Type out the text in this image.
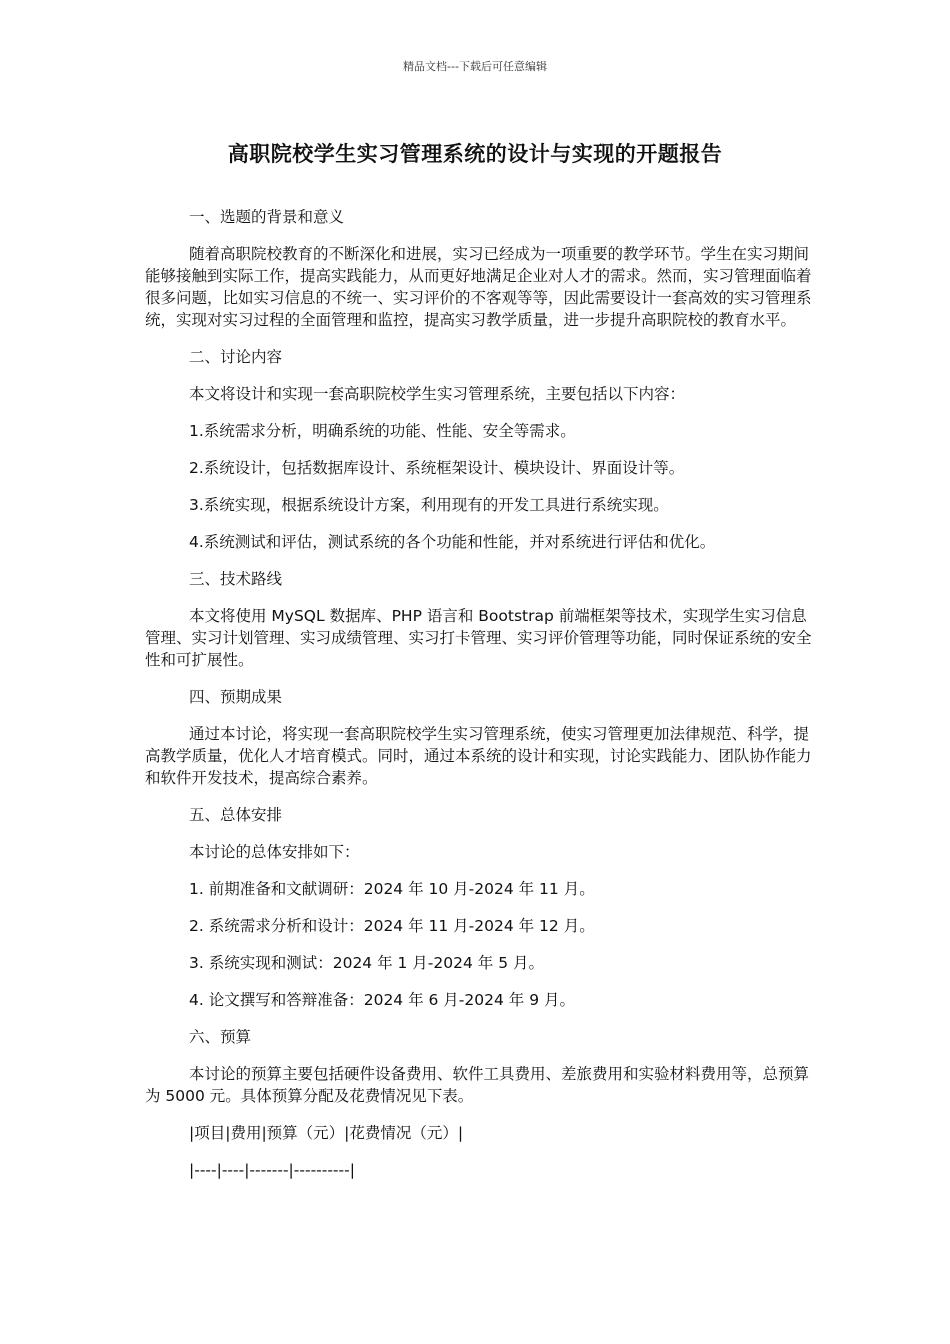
精品文档---下载后可任意编辑
高职院校学生实习管理系统的设计与实现的开题报告

一、选题的背景和意义

随着高职院校教育的不断深化和进展，实习已经成为一项重要的教学环节。学生在实习期间能够接触到实际工作，提高实践能力，从而更好地满足企业对人才的需求。然而，实习管理面临着很多问题，比如实习信息的不统一、实习评价的不客观等等，因此需要设计一套高效的实习管理系统，实现对实习过程的全面管理和监控，提高实习教学质量，进一步提升高职院校的教育水平。

二、讨论内容

本文将设计和实现一套高职院校学生实习管理系统，主要包括以下内容：

1.系统需求分析，明确系统的功能、性能、安全等需求。

2.系统设计，包括数据库设计、系统框架设计、模块设计、界面设计等。

3.系统实现，根据系统设计方案，利用现有的开发工具进行系统实现。

4.系统测试和评估，测试系统的各个功能和性能，并对系统进行评估和优化。

三、技术路线

本文将使用 MySQL 数据库、PHP 语言和 Bootstrap 前端框架等技术，实现学生实习信息管理、实习计划管理、实习成绩管理、实习打卡管理、实习评价管理等功能，同时保证系统的安全性和可扩展性。

四、预期成果

通过本讨论，将实现一套高职院校学生实习管理系统，使实习管理更加法律规范、科学，提高教学质量，优化人才培育模式。同时，通过本系统的设计和实现，讨论实践能力、团队协作能力和软件开发技术，提高综合素养。

五、总体安排

本讨论的总体安排如下：

1. 前期准备和文献调研：2024 年 10 月-2024 年 11 月。

2. 系统需求分析和设计：2024 年 11 月-2024 年 12 月。

3. 系统实现和测试：2024 年 1 月-2024 年 5 月。

4. 论文撰写和答辩准备：2024 年 6 月-2024 年 9 月。

六、预算

本讨论的预算主要包括硬件设备费用、软件工具费用、差旅费用和实验材料费用等，总预算为 5000 元。具体预算分配及花费情况见下表。

|项目|费用|预算（元）|花费情况（元）|

|----|----|-------|----------|
